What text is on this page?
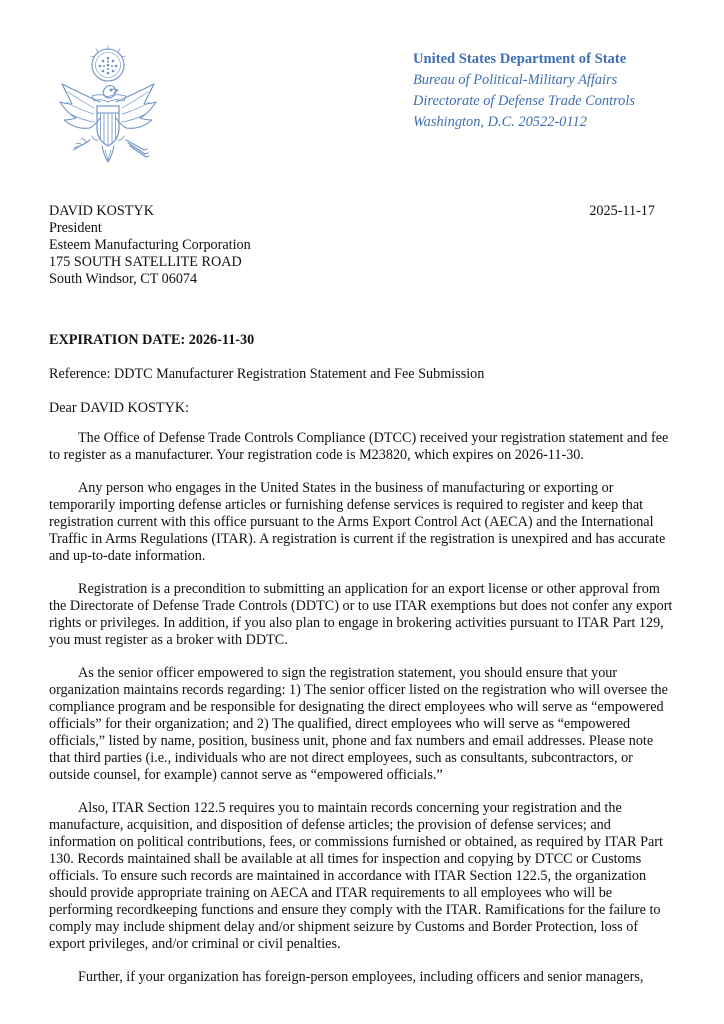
United States Department of State
Bureau of Political-Military Affairs
Directorate of Defense Trade Controls
Washington, D.C. 20522-0112
2025-11-17
DAVID KOSTYK
President
Esteem Manufacturing Corporation
175 SOUTH SATELLITE ROAD
South Windsor, CT 06074
EXPIRATION DATE: 2026-11-30
Reference: DDTC Manufacturer Registration Statement and Fee Submission
Dear DAVID KOSTYK:

The Office of Defense Trade Controls Compliance (DTCC) received your registration statement and fee to register as a manufacturer. Your registration code is M23820, which expires on 2026-11-30.

Any person who engages in the United States in the business of manufacturing or exporting or temporarily importing defense articles or furnishing defense services is required to register and keep that registration current with this office pursuant to the Arms Export Control Act (AECA) and the International Traffic in Arms Regulations (ITAR). A registration is current if the registration is unexpired and has accurate and up-to-date information.

Registration is a precondition to submitting an application for an export license or other approval from the Directorate of Defense Trade Controls (DDTC) or to use ITAR exemptions but does not confer any export rights or privileges. In addition, if you also plan to engage in brokering activities pursuant to ITAR Part 129, you must register as a broker with DDTC.

As the senior officer empowered to sign the registration statement, you should ensure that your organization maintains records regarding: 1) The senior officer listed on the registration who will oversee the compliance program and be responsible for designating the direct employees who will serve as “empowered officials” for their organization; and 2) The qualified, direct employees who will serve as “empowered officials,” listed by name, position, business unit, phone and fax numbers and email addresses. Please note that third parties (i.e., individuals who are not direct employees, such as consultants, subcontractors, or outside counsel, for example) cannot serve as “empowered officials.”

Also, ITAR Section 122.5 requires you to maintain records concerning your registration and the manufacture, acquisition, and disposition of defense articles; the provision of defense services; and information on political contributions, fees, or commissions furnished or obtained, as required by ITAR Part 130. Records maintained shall be available at all times for inspection and copying by DTCC or Customs officials. To ensure such records are maintained in accordance with ITAR Section 122.5, the organization should provide appropriate training on AECA and ITAR requirements to all employees who will be performing recordkeeping functions and ensure they comply with the ITAR. Ramifications for the failure to comply may include shipment delay and/or shipment seizure by Customs and Border Protection, loss of export privileges, and/or criminal or civil penalties.

Further, if your organization has foreign-person employees, including officers and senior managers,
